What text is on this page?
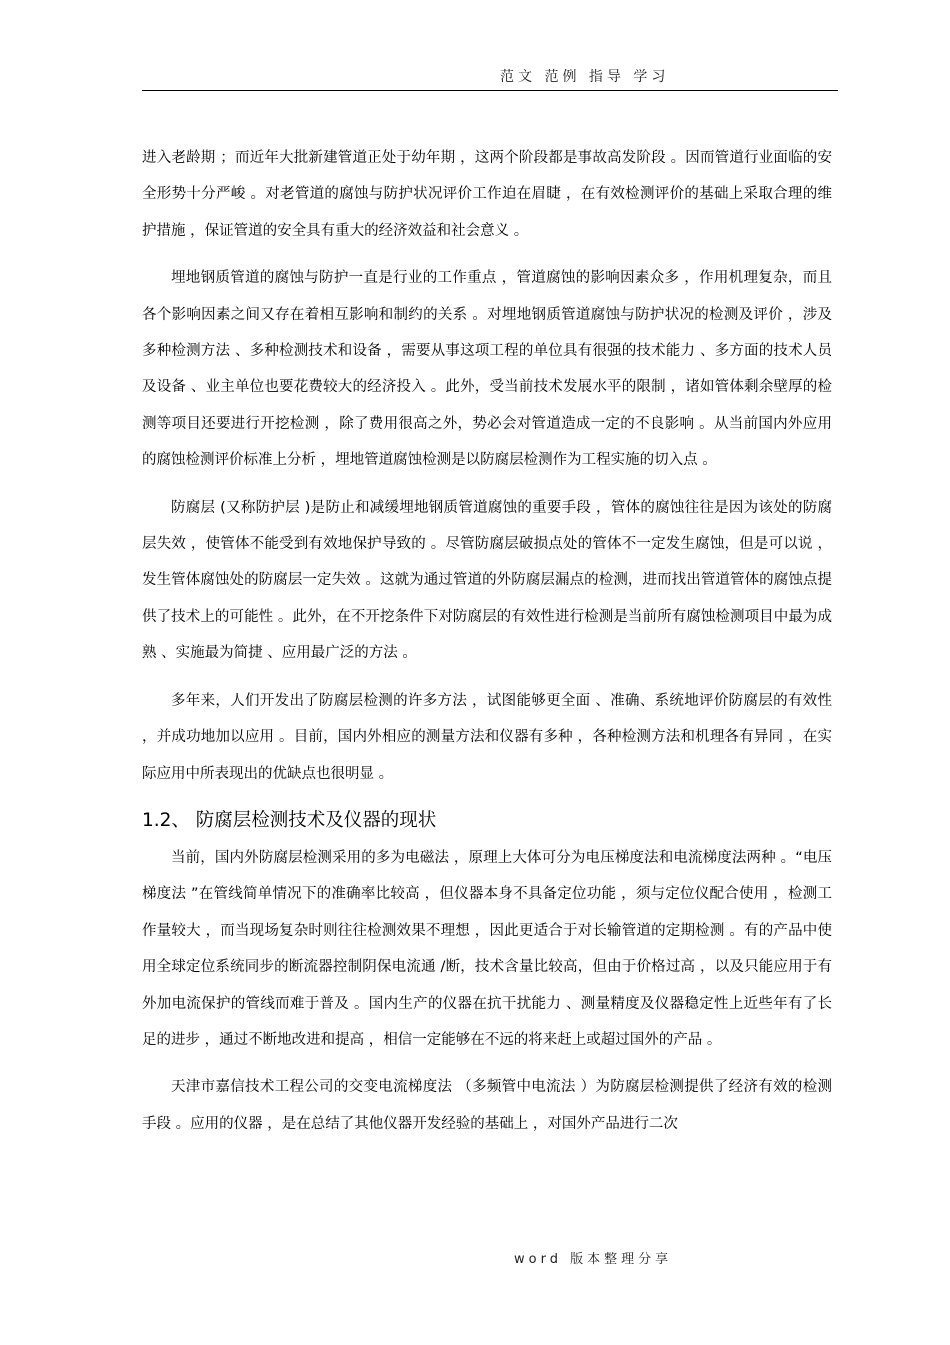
范文 范例 指导 学习

进入老龄期 ；而近年大批新建管道正处于幼年期 ，这两个阶段都是事故高发阶段 。因而管道行业面临的安全形势十分严峻 。对老管道的腐蚀与防护状况评价工作迫在眉睫 ，在有效检测评价的基础上采取合理的维护措施 ，保证管道的安全具有重大的经济效益和社会意义 。

埋地钢质管道的腐蚀与防护一直是行业的工作重点 ，管道腐蚀的影响因素众多 ，作用机理复杂，而且各个影响因素之间又存在着相互影响和制约的关系 。对埋地钢质管道腐蚀与防护状况的检测及评价 ，涉及多种检测方法 、多种检测技术和设备 ，需要从事这项工程的单位具有很强的技术能力 、多方面的技术人员及设备 、业主单位也要花费较大的经济投入 。此外，受当前技术发展水平的限制 ，诸如管体剩余壁厚的检测等项目还要进行开挖检测 ，除了费用很高之外，势必会对管道造成一定的不良影响 。从当前国内外应用的腐蚀检测评价标准上分析 ，埋地管道腐蚀检测是以防腐层检测作为工程实施的切入点 。

防腐层 (又称防护层 )是防止和减缓埋地钢质管道腐蚀的重要手段 ，管体的腐蚀往往是因为该处的防腐层失效 ，使管体不能受到有效地保护导致的 。尽管防腐层破损点处的管体不一定发生腐蚀，但是可以说 ，发生管体腐蚀处的防腐层一定失效 。这就为通过管道的外防腐层漏点的检测，进而找出管道管体的腐蚀点提供了技术上的可能性 。此外，在不开挖条件下对防腐层的有效性进行检测是当前所有腐蚀检测项目中最为成熟 、实施最为简捷 、应用最广泛的方法 。

多年来，人们开发出了防腐层检测的许多方法 ，试图能够更全面 、准确、系统地评价防腐层的有效性 ，并成功地加以应用 。目前，国内外相应的测量方法和仪器有多种 ，各种检测方法和机理各有异同 ，在实际应用中所表现出的优缺点也很明显 。

1.2、 防腐层检测技术及仪器的现状

当前，国内外防腐层检测采用的多为电磁法 ，原理上大体可分为电压梯度法和电流梯度法两种 。“电压梯度法 ”在管线简单情况下的准确率比较高 ，但仪器本身不具备定位功能 ，须与定位仪配合使用 ，检测工作量较大 ，而当现场复杂时则往往检测效果不理想 ，因此更适合于对长输管道的定期检测 。有的产品中使用全球定位系统同步的断流器控制阴保电流通 /断，技术含量比较高，但由于价格过高 ，以及只能应用于有外加电流保护的管线而难于普及 。国内生产的仪器在抗干扰能力 、测量精度及仪器稳定性上近些年有了长足的进步 ，通过不断地改进和提高 ，相信一定能够在不远的将来赶上或超过国外的产品 。

天津市嘉信技术工程公司的交变电流梯度法 （多频管中电流法 ）为防腐层检测提供了经济有效的检测手段 。应用的仪器 ，是在总结了其他仪器开发经验的基础上 ，对国外产品进行二次

word 版本整理分享
